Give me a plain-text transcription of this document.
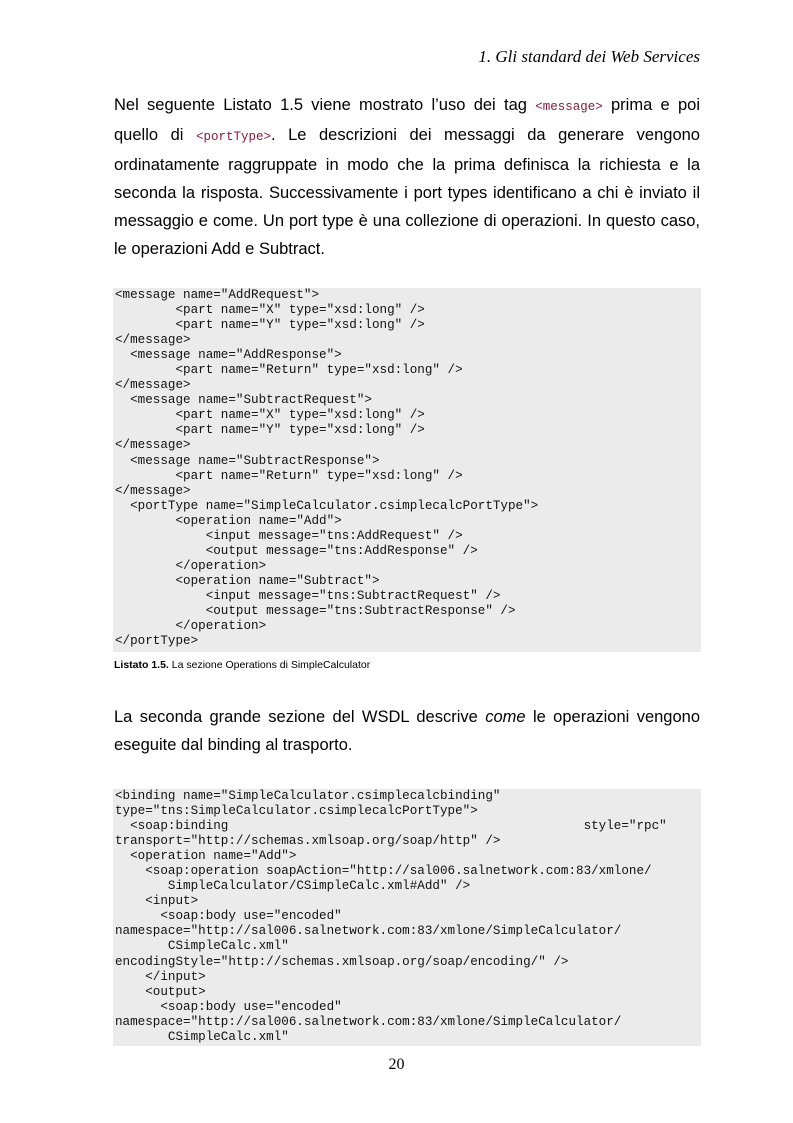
1. Gli standard dei Web Services

Nel seguente Listato 1.5 viene mostrato l’uso dei tag <message> prima e poi quello di <portType>. Le descrizioni dei messaggi da generare vengono ordinatamente raggruppate in modo che la prima definisca la richiesta e la seconda la risposta. Successivamente i port types identificano a chi è inviato il messaggio e come. Un port type è una collezione di operazioni. In questo caso, le operazioni Add e Subtract.

<message name="AddRequest">
<part name="X" type="xsd:long" />
<part name="Y" type="xsd:long" />
</message>
<message name="AddResponse">
<part name="Return" type="xsd:long" />
</message>
<message name="SubtractRequest">
<part name="X" type="xsd:long" />
<part name="Y" type="xsd:long" />
</message>
<message name="SubtractResponse">
<part name="Return" type="xsd:long" />
</message>
<portType name="SimpleCalculator.csimplecalcPortType">
<operation name="Add">
<input message="tns:AddRequest" />
<output message="tns:AddResponse" />
</operation>
<operation name="Subtract">
<input message="tns:SubtractRequest" />
<output message="tns:SubtractResponse" />
</operation>
</portType>
Listato 1.5. La sezione Operations di SimpleCalculator

La seconda grande sezione del WSDL descrive come le operazioni vengono eseguite dal binding al trasporto.

<binding name="SimpleCalculator.csimplecalcbinding"
type="tns:SimpleCalculator.csimplecalcPortType">
<soap:binding                                               style="rpc"
transport="http://schemas.xmlsoap.org/soap/http" />
<operation name="Add">
<soap:operation soapAction="http://sal006.salnetwork.com:83/xmlone/
SimpleCalculator/CSimpleCalc.xml#Add" />
<input>
<soap:body use="encoded"
namespace="http://sal006.salnetwork.com:83/xmlone/SimpleCalculator/
CSimpleCalc.xml"
encodingStyle="http://schemas.xmlsoap.org/soap/encoding/" />
</input>
<output>
<soap:body use="encoded"
namespace="http://sal006.salnetwork.com:83/xmlone/SimpleCalculator/
CSimpleCalc.xml"
20
